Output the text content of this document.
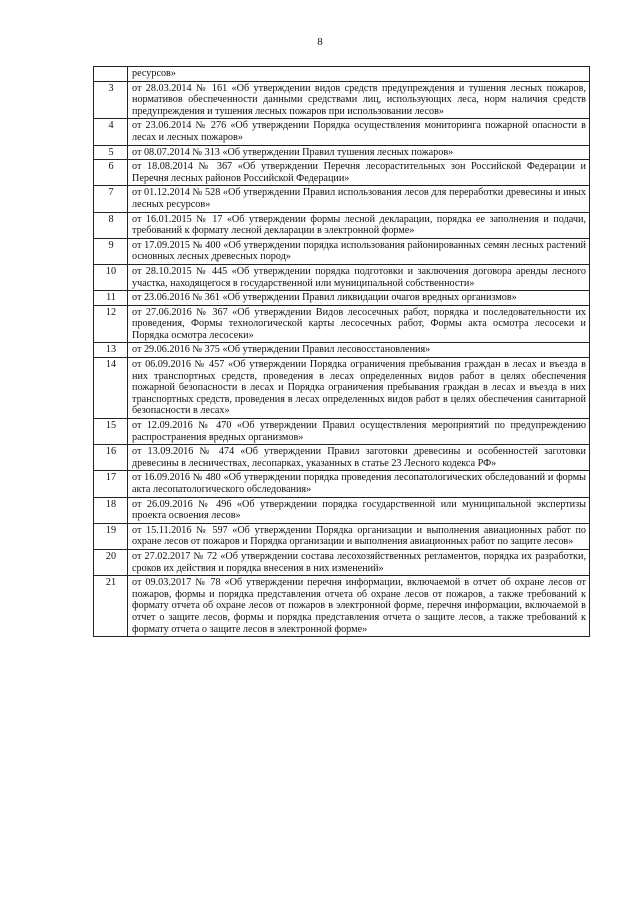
8
	ресурсов»
3	от 28.03.2014 № 161 «Об утверждении видов средств предупреждения и тушения лесных пожаров, нормативов обеспеченности данными средствами лиц, использующих леса, норм наличия средств предупреждения и тушения лесных пожаров при использовании лесов»
4	от 23.06.2014 № 276 «Об утверждении Порядка осуществления мониторинга пожарной опасности в лесах и лесных пожаров»
5	от 08.07.2014 № 313 «Об утверждении Правил тушения лесных пожаров»
6	от 18.08.2014 № 367 «Об утверждении Перечня лесорастительных зон Российской Федерации и Перечня лесных районов Российской Федерации»
7	от 01.12.2014 № 528 «Об утверждении Правил использования лесов для переработки древесины и иных лесных ресурсов»
8	от 16.01.2015 № 17 «Об утверждении формы лесной декларации, порядка ее заполнения и подачи, требований к формату лесной декларации в электронной форме»
9	от 17.09.2015 № 400 «Об утверждении порядка использования районированных семян лесных растений основных лесных древесных пород»
10	от 28.10.2015 № 445 «Об утверждении порядка подготовки и заключения договора аренды лесного участка, находящегося в государственной или муниципальной собственности»
11	от 23.06.2016 № 361 «Об утверждении Правил ликвидации очагов вредных организмов»
12	от 27.06.2016 № 367 «Об утверждении Видов лесосечных работ, порядка и последовательности их проведения, Формы технологической карты лесосечных работ, Формы акта осмотра лесосеки и Порядка осмотра лесосеки»
13	от 29.06.2016 № 375 «Об утверждении Правил лесовосстановления»
14	от 06.09.2016 № 457 «Об утверждении Порядка ограничения пребывания граждан в лесах и въезда в них транспортных средств, проведения в лесах определенных видов работ в целях обеспечения пожарной безопасности в лесах и Порядка ограничения пребывания граждан в лесах и въезда в них транспортных средств, проведения в лесах определенных видов работ в целях обеспечения санитарной безопасности в лесах»
15	от 12.09.2016 № 470 «Об утверждении Правил осуществления мероприятий по предупреждению распространения вредных организмов»
16	от 13.09.2016 № 474 «Об утверждении Правил заготовки древесины и особенностей заготовки древесины в лесничествах, лесопарках, указанных в статье 23 Лесного кодекса РФ»
17	от 16.09.2016 № 480 «Об утверждении порядка проведения лесопатологических обследований и формы акта лесопатологического обследования»
18	от 26.09.2016 № 496 «Об утверждении порядка государственной или муниципальной экспертизы проекта освоения лесов»
19	от 15.11.2016 № 597 «Об утверждении Порядка организации и выполнения авиационных работ по охране лесов от пожаров и Порядка организации и выполнения авиационных работ по защите лесов»
20	от 27.02.2017 № 72 «Об утверждении состава лесохозяйственных регламентов, порядка их разработки, сроков их действия и порядка внесения в них изменений»
21	от 09.03.2017 № 78 «Об утверждении перечня информации, включаемой в отчет об охране лесов от пожаров, формы и порядка представления отчета об охране лесов от пожаров, а также требований к формату отчета об охране лесов от пожаров в электронной форме, перечня информации, включаемой в отчет о защите лесов, формы и порядка представления отчета о защите лесов, а также требований к формату отчета о защите лесов в электронной форме»
